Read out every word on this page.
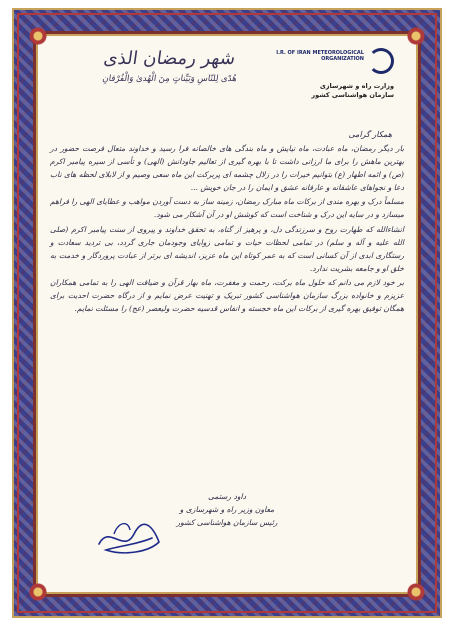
شهر رمضان الذی
هُدًی لِلنّاسِ وَبَیِّناتٍ مِنَ الْهُدیٰ وَالْفُرْقانِ
I.R. OF IRAN METEOROLOGICAL ORGANIZATION
وزارت راه و شهرسازی
سازمان هواشناسی کشور
همکار گرامی

بار دیگر رمضان، ماه عبادت، ماه نیایش و ماه بندگی های خالصانه فرا رسید و خداوند متعال فرصت حضور در بهترین ماهش را برای ما ارزانی داشت تا با بهره گیری از تعالیم جاودانش (الهی) و تأسی از سیره پیامبر اکرم (ص) و ائمه اطهار (ع) بتوانیم خیرات را در زلال چشمه ای پربرکت این ماه سعی وصیم و از لابلای لحظه های ناب دعا و نجواهای عاشقانه و عارفانه عشق و ایمان را در جان خویش ...

مسلماً درک و بهره مندی از برکات ماه مبارک رمضان، زمینه ساز به دست آوردن مواهب و عطایای الهی را فراهم میسازد و در سایه این درک و شناخت است که کوشش او در آن آشکار می شود.

انشاءالله که طهارت روح و سرزندگی دل، و پرهیز از گناه، به تحقق خداوند و پیروی از سنت پیامبر اکرم (صلی الله علیه و آله و سلم) در تمامی لحظات حیات و تمامی زوایای وجودمان جاری گردد، بی تردید سعادت و رستگاری ابدی از آن کسانی است که به عمر کوتاه این ماه عزیز، اندیشه ای برتر از عبادت پروردگار و خدمت به خلق او و جامعه بشریت ندارد.

بر خود لازم می دانم که حلول ماه برکت، رحمت و مغفرت، ماه بهار قرآن و ضیافت الهی را به تمامی همکاران عزیزم و خانواده بزرگ سازمان هواشناسی کشور تبریک و تهنیت عرض نمایم و از درگاه حضرت احدیت برای همگان توفیق بهره گیری از برکات این ماه خجسته و انفاس قدسیه حضرت ولیعصر (عج) را مسئلت نمایم.

داود رستمی
معاون وزیر راه و شهرسازی و
رئیس سازمان هواشناسی کشور
